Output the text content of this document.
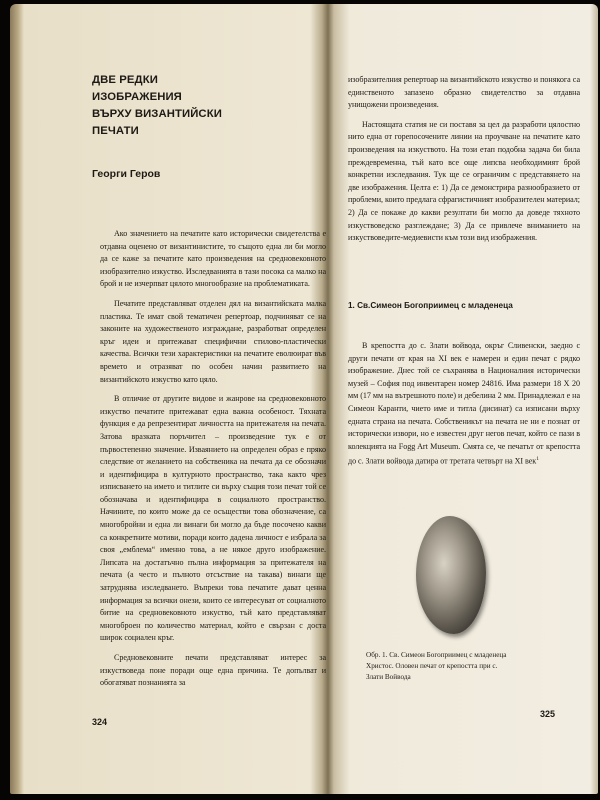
ДВЕ РЕДКИ
ИЗОБРАЖЕНИЯ
ВЪРХУ ВИЗАНТИЙСКИ
ПЕЧАТИ
Георги Геров

Ако значението на печатите като исторически свидетелства е отдавна оценено от византинистите, то същото една ли би могло да се каже за печатите като произведения на средновековното изобразително изкуство. Изследванията в тази посока са малко на брой и не изчерпват цялото многообразие на проблематиката.

Печатите представляват отделен дял на византийската малка пластика. Те имат свой тематичен репертоар, подчиняват се на законите на художественото изграждане, разработват определен кръг идеи и притежават специфични стилово-пластически качества. Всички тези характеристики на печатите еволюират във времето и отразяват по особен начин развитието на византийското изкуство като цяло.

В отличие от другите видове и жанрове на средновековното изкуство печатите притежават една важна особеност. Тяхната функция е да репрезентират личността на притежателя на печата. Затова вразката поръчител – произведение тук е от първостепенно значение. Изваянието на определен образ е пряко следствие от желанието на собственика на печата да се обозначи и идентифицира в културното пространство, така както чрез изписването на името и титлите си върху същия този печат той се обозначава и идентифицира в социалното пространство. Начините, по които може да се осъществи това обозначение, са многобройни и една ли винаги би могло да бъде посочено какви са конкретните мотиви, поради които дадена личност е избрала за своя „емблема“ именно това, а не някое друго изображение. Липсата на достатъчно пълна информация за притежателя на печата (а често и пълното отсъствие на такава) винаги ще затруднява изследването. Въпреки това печатите дават ценна информация за всички онези, които се интересуват от социалното битие на средновековното изкуство, тъй като представляват многоброен по количество материал, който е свързан с доста широк социален кръг.

Средновековните печати представляват интерес за изкуствоведа поне поради още една причина. Те допълват и обогатяват познанията за

324

изобразителния репертоар на византийското изкуство и понякога са единственото запазено образно свидетелство за отдавна унищожени произведения.

Настоящата статия не си поставя за цел да разработи цялостно нито една от горепосочените линии на проучване на печатите като произведения на изкуството. На този етап подобна задача би била преждевременна, тъй като все още липсва необходимият брой конкретни изследвания. Тук ще се ограничим с представянето на две изображения. Целта е: 1) Да се демонстрира разнообразието от проблеми, които предлага сфрагистичният изобразителен материал; 2) Да се покаже до какви резултати би могло да доведе тяхното изкуствоведско разглеждане; 3) Да се привлече вниманието на изкуствоведите-медиевисти към този вид изображения.

1. Св.Симеон Богоприимец с младенеца

В крепостта до с. Злати войвода, окръг Сливенски, заедно с други печати от края на XI век е намерен и един печат с рядко изображение. Днес той се съхранява в Националния исторически музей – София под инвентарен номер 24816. Има размери 18 Х 20 мм (17 мм на вътрешното поле) и дебелина 2 мм. Принадлежал е на Симеон Каранти, чието име и титла (дисинат) са изписани върху едната страна на печата. Собственикът на печата не ни е познат от исторически извори, но е известен друг негов печат, който се пази в колекцията на Fogg Art Museum. Смята се, че печатът от крепостта до с. Злати войвода датира от третата четвърт на XI век$^1$

Обр. 1. Св. Симеон Богоприимец с младенеца Христос. Оловен печат от крепостта при с. Злати Войвода
325
